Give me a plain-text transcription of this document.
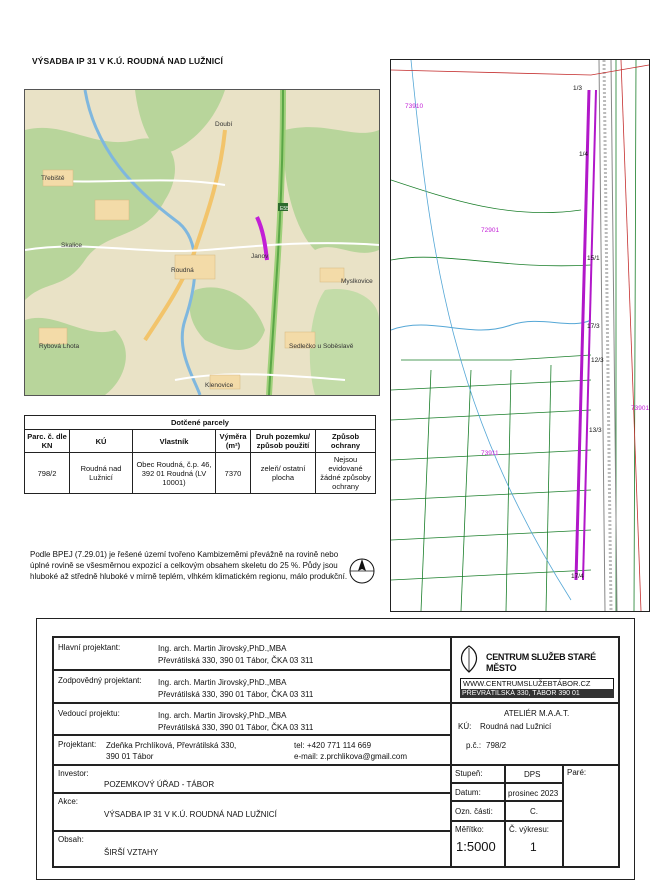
VÝSADBA IP 31 V K.Ú. ROUDNÁ NAD LUŽNICÍ
E55
Doubí
Třebiště
Skalice
Roudná
Janov
Myslkovice
Rybová Lhota	Sedlečko u Soběslavě
Klenovice
73910
72901
73901
73911
1/3
1/4
15/1
12/3
17/3
13/3
17/4
Dotčené parcely					
Parc. č. dle KN	KÚ	Vlastník	Výměra (m²)	Druh pozemku/ způsob použití	Způsob ochrany
798/2	Roudná nad Lužnicí	Obec Roudná, č.p. 46, 392 01 Roudná (LV 10001)	7370	zeleň/ ostatní plocha	Nejsou evidované žádné způsoby ochrany
Podle BPEJ (7.29.01) je řešené území tvořeno Kambizeměmi převážně na rovině nebo úplné rovině se všesměrnou expozicí a celkovým obsahem skeletu do 25 %. Půdy jsou hluboké až středně hluboké v mírně teplém, vlhkém klimatickém regionu, málo produkční.
Hlavní projektant:	Ing. arch. Martin Jirovský,PhD.,MBA
Převrátilská 330, 390 01 Tábor, ČKA 03 311
Zodpovědný projektant: Ing. arch. Martin Jirovský,PhD.,MBA
Převrátilská 330, 390 01 Tábor, ČKA 03 311
Vedoucí projektu:	Ing. arch. Martin Jirovský,PhD.,MBA
Převrátilská 330, 390 01 Tábor, ČKA 03 311
Projektant: Zdeňka Prchlíková, Převrátilská 330,
390 01 Tábor
tel: +420 771 114 669
e-mail: z.prchlikova@gmail.com
Investor:
POZEMKOVÝ ÚŘAD - TÁBOR
Akce:
VÝSADBA IP 31 V K.Ú. ROUDNÁ NAD LUŽNICÍ
Obsah:
ŠIRŠÍ VZTAHY
CENTRUM SLUŽEB STARÉ MĚSTO
WWW.CENTRUMSLUŽEBTÁBOR.CZ
PŘEVRÁTILSKÁ 330, TÁBOR 390 01
ATELIÉR M.A.A.T.
KÚ: Roudná nad Lužnicí
p.č.: 798/2
Stupeň:	DPS	Paré:
Datum:	prosinec 2023
Ozn. části:	C.
Měřítko:
1:5000
Č. výkresu:
1
